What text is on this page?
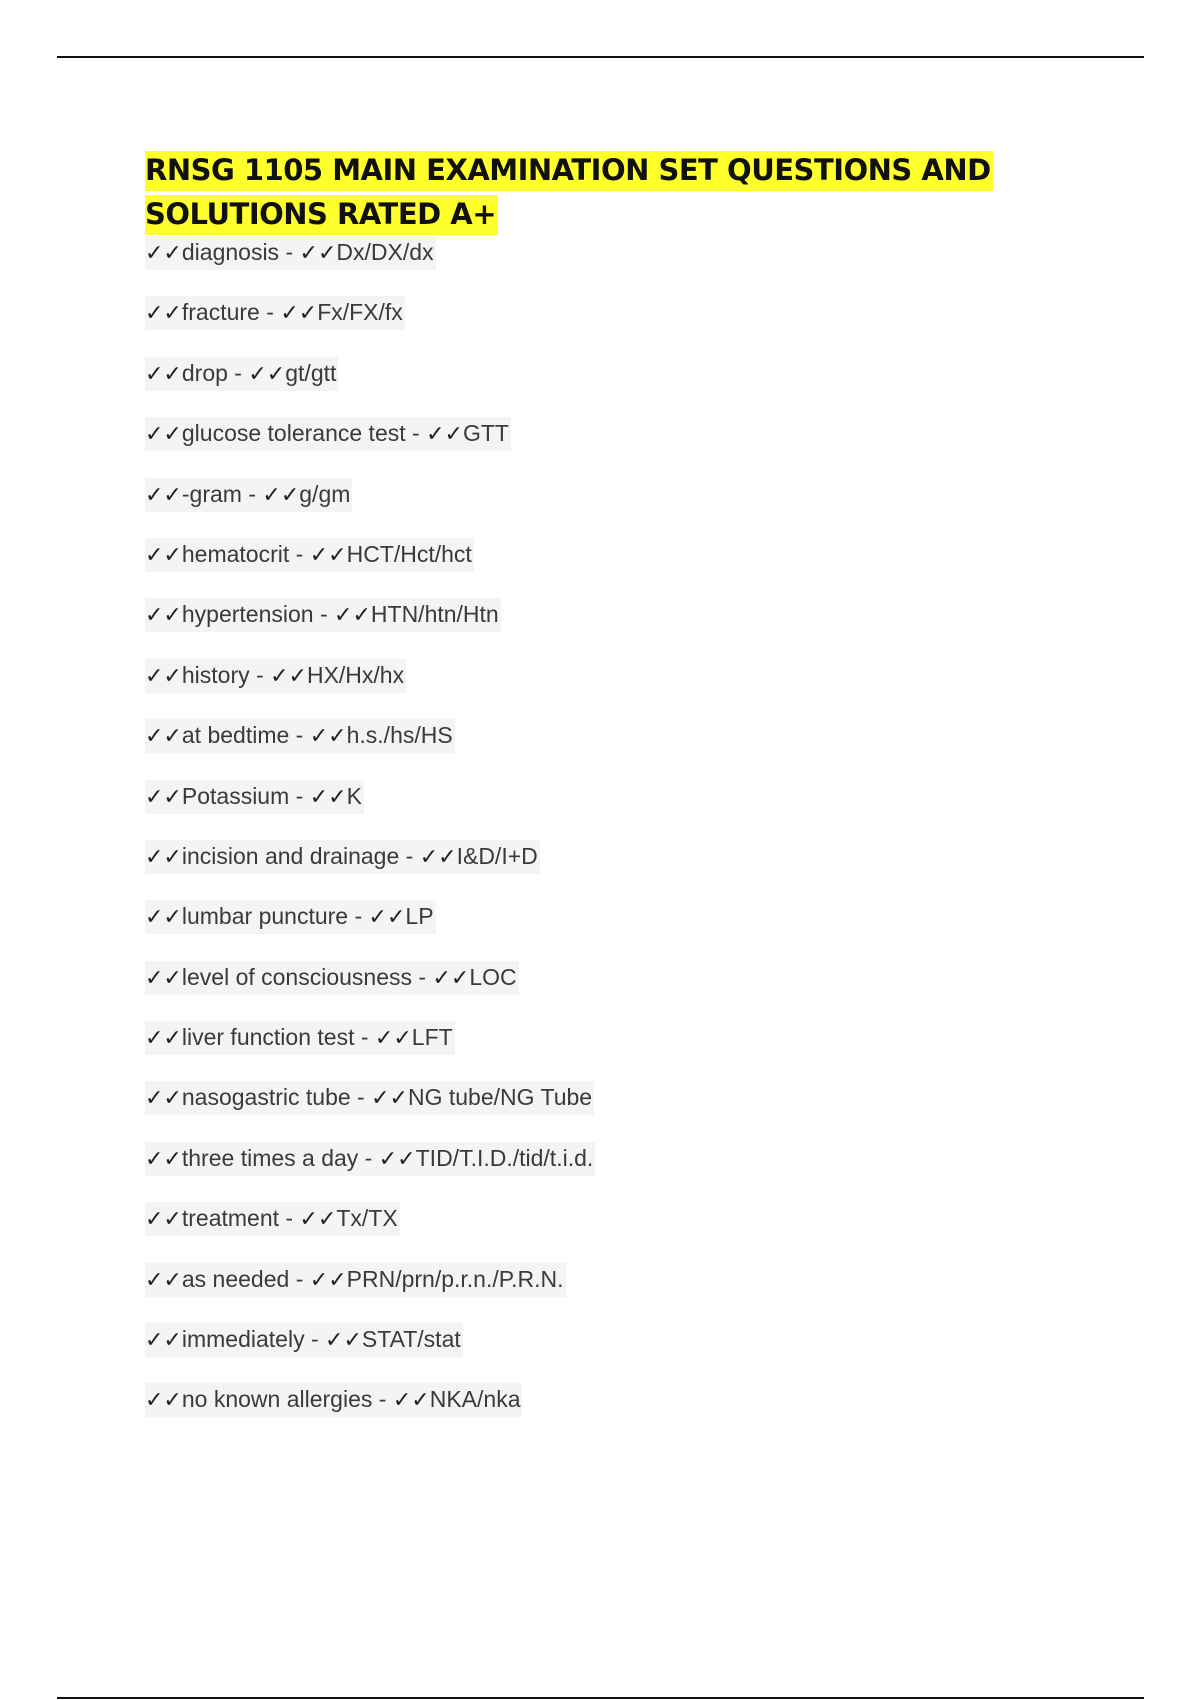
RNSG 1105 MAIN EXAMINATION SET QUESTIONS AND SOLUTIONS RATED A+
✓✓diagnosis - ✓✓Dx/DX/dx
✓✓fracture - ✓✓Fx/FX/fx
✓✓drop - ✓✓gt/gtt
✓✓glucose tolerance test - ✓✓GTT
✓✓-gram - ✓✓g/gm
✓✓hematocrit - ✓✓HCT/Hct/hct
✓✓hypertension - ✓✓HTN/htn/Htn
✓✓history - ✓✓HX/Hx/hx
✓✓at bedtime - ✓✓h.s./hs/HS
✓✓Potassium - ✓✓K
✓✓incision and drainage - ✓✓I&D/I+D
✓✓lumbar puncture - ✓✓LP
✓✓level of consciousness - ✓✓LOC
✓✓liver function test - ✓✓LFT
✓✓nasogastric tube - ✓✓NG tube/NG Tube
✓✓three times a day - ✓✓TID/T.I.D./tid/t.i.d.
✓✓treatment - ✓✓Tx/TX
✓✓as needed - ✓✓PRN/prn/p.r.n./P.R.N.
✓✓immediately - ✓✓STAT/stat
✓✓no known allergies - ✓✓NKA/nka
